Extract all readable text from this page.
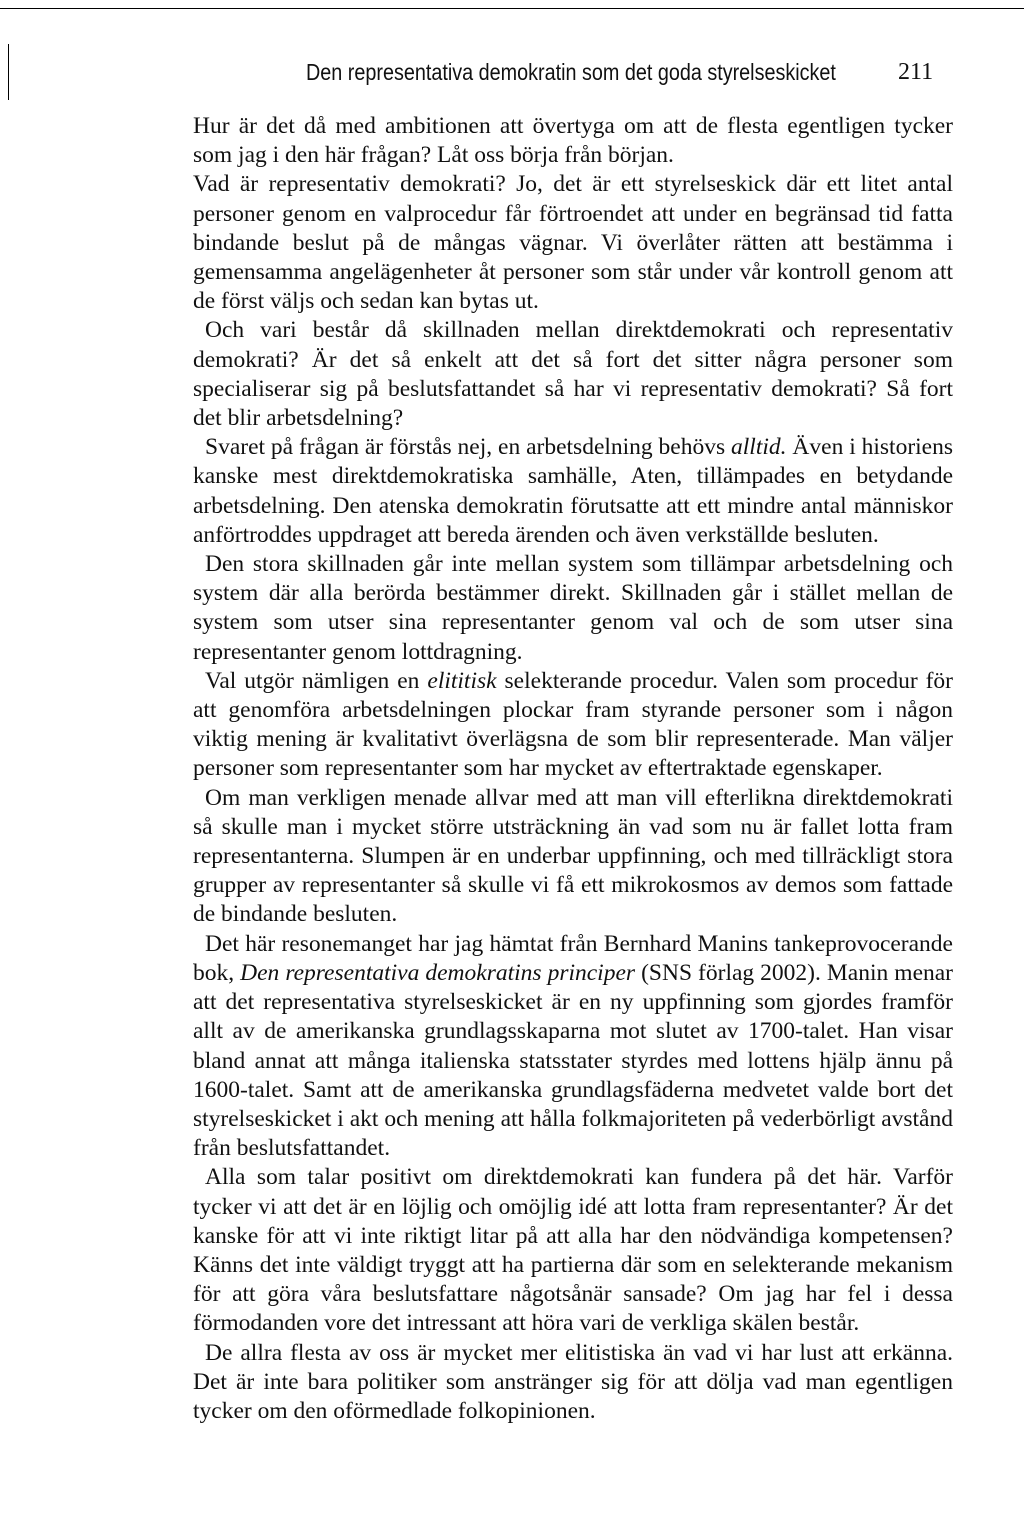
Den representativa demokratin som det goda styrelseskicket	211

Hur är det då med ambitionen att övertyga om att de flesta egentligen tycker som jag i den här frågan? Låt oss börja från början.

Vad är representativ demokrati? Jo, det är ett styrelseskick där ett litet antal personer genom en valprocedur får förtroendet att under en begränsad tid fatta bindande beslut på de mångas vägnar. Vi överlåter rätten att bestämma i gemensamma angelägenheter åt personer som står under vår kontroll genom att de först väljs och sedan kan bytas ut.

Och vari består då skillnaden mellan direktdemokrati och representativ demokrati? Är det så enkelt att det så fort det sitter några personer som specialiserar sig på beslutsfattandet så har vi representativ demokrati? Så fort det blir arbetsdelning?

Svaret på frågan är förstås nej, en arbetsdelning behövs alltid. Även i historiens kanske mest direktdemokratiska samhälle, Aten, tillämpades en betydande arbetsdelning. Den atenska demokratin förutsatte att ett mindre antal människor anförtroddes uppdraget att bereda ärenden och även verkställde besluten.

Den stora skillnaden går inte mellan system som tillämpar arbetsdelning och system där alla berörda bestämmer direkt. Skillnaden går i stället mellan de system som utser sina representanter genom val och de som utser sina representanter genom lottdragning.

Val utgör nämligen en elititisk selekterande procedur. Valen som procedur för att genomföra arbetsdelningen plockar fram styrande personer som i någon viktig mening är kvalitativt överlägsna de som blir representerade. Man väljer personer som representanter som har mycket av eftertraktade egenskaper.

Om man verkligen menade allvar med att man vill efterlikna direktdemokrati så skulle man i mycket större utsträckning än vad som nu är fallet lotta fram representanterna. Slumpen är en underbar uppfinning, och med tillräckligt stora grupper av representanter så skulle vi få ett mikrokosmos av demos som fattade de bindande besluten.

Det här resonemanget har jag hämtat från Bernhard Manins tankeprovocerande bok, Den representativa demokratins principer (SNS förlag 2002). Manin menar att det representativa styrelseskicket är en ny uppfinning som gjordes framför allt av de amerikanska grundlagsskaparna mot slutet av 1700-talet. Han visar bland annat att många italienska statsstater styrdes med lottens hjälp ännu på 1600-talet. Samt att de amerikanska grundlagsfäderna medvetet valde bort det styrelseskicket i akt och mening att hålla folkmajoriteten på vederbörligt avstånd från beslutsfattandet.

Alla som talar positivt om direktdemokrati kan fundera på det här. Varför tycker vi att det är en löjlig och omöjlig idé att lotta fram representanter? Är det kanske för att vi inte riktigt litar på att alla har den nödvändiga kompetensen? Känns det inte väldigt tryggt att ha partierna där som en selekterande mekanism för att göra våra beslutsfattare någotsånär sansade? Om jag har fel i dessa förmodanden vore det intressant att höra vari de verkliga skälen består.

De allra flesta av oss är mycket mer elitistiska än vad vi har lust att erkänna. Det är inte bara politiker som anstränger sig för att dölja vad man egentligen tycker om den oförmedlade folkopinionen.
